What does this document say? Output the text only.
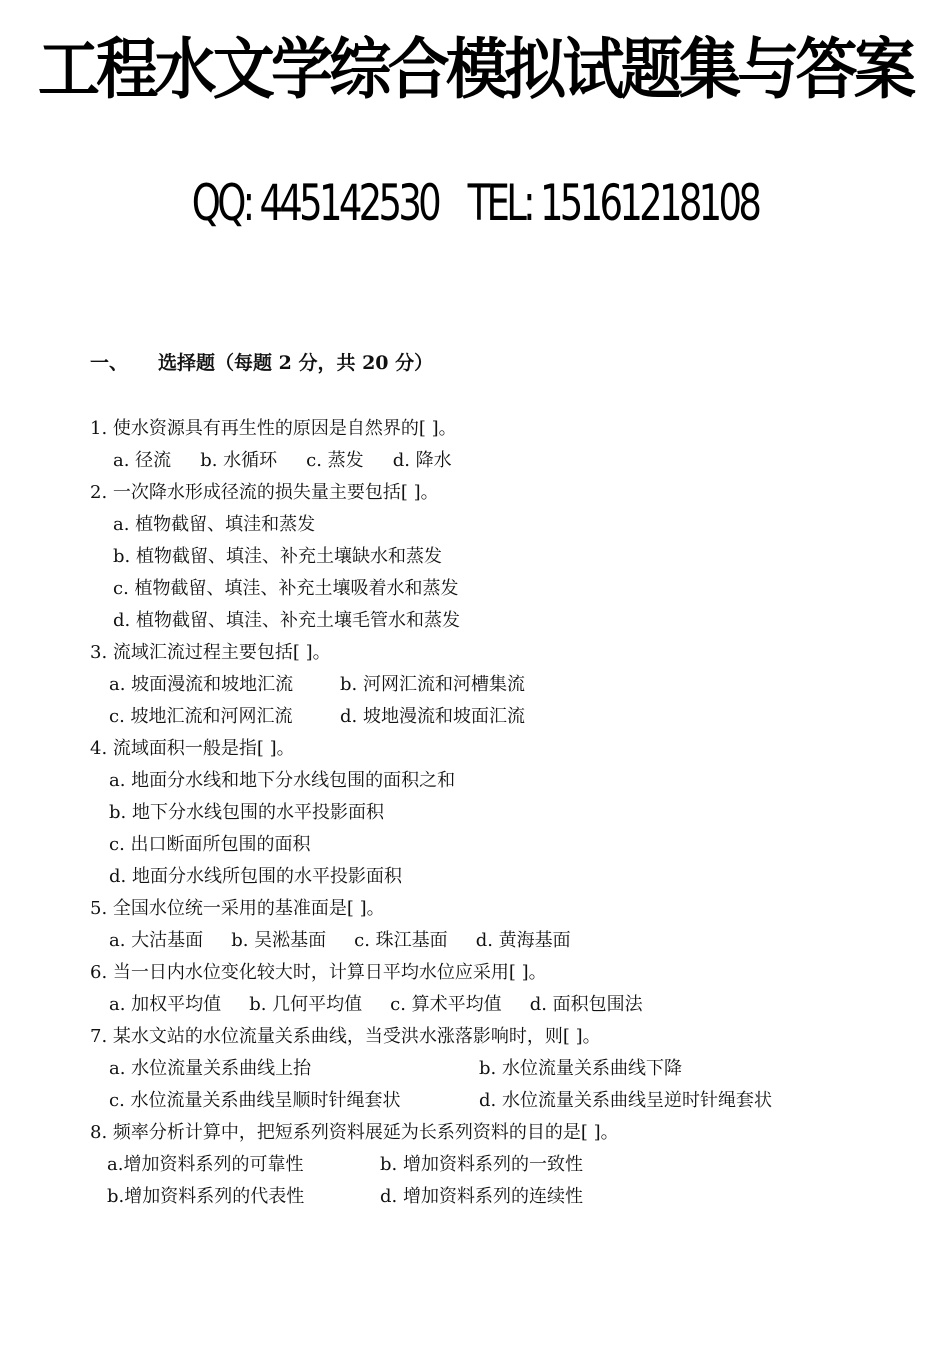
工程水文学综合模拟试题集与答案
QQ: 445142530 TEL: 15161218108
一、 选择题（每题 2 分，共 20 分）
1. 使水资源具有再生性的原因是自然界的[ ]。
a. 径流 b. 水循环 c. 蒸发 d. 降水
2. 一次降水形成径流的损失量主要包括[ ]。
a. 植物截留、填洼和蒸发
b. 植物截留、填洼、补充土壤缺水和蒸发
c. 植物截留、填洼、补充土壤吸着水和蒸发
d. 植物截留、填洼、补充土壤毛管水和蒸发
3. 流域汇流过程主要包括[ ]。
a. 坡面漫流和坡地汇流	b. 河网汇流和河槽集流
c. 坡地汇流和河网汇流	d. 坡地漫流和坡面汇流
4. 流域面积一般是指[ ]。
a. 地面分水线和地下分水线包围的面积之和
b. 地下分水线包围的水平投影面积
c. 出口断面所包围的面积
d. 地面分水线所包围的水平投影面积
5. 全国水位统一采用的基准面是[ ]。
a. 大沽基面 b. 吴淞基面 c. 珠江基面 d. 黄海基面
6. 当一日内水位变化较大时，计算日平均水位应采用[ ]。
a. 加权平均值 b. 几何平均值 c. 算术平均值 d. 面积包围法
7. 某水文站的水位流量关系曲线，当受洪水涨落影响时，则[ ]。
a. 水位流量关系曲线上抬	b. 水位流量关系曲线下降
c. 水位流量关系曲线呈顺时针绳套状	d. 水位流量关系曲线呈逆时针绳套状
8. 频率分析计算中，把短系列资料展延为长系列资料的目的是[ ]。
a.增加资料系列的可靠性	b. 增加资料系列的一致性
b.增加资料系列的代表性	d. 增加资料系列的连续性
